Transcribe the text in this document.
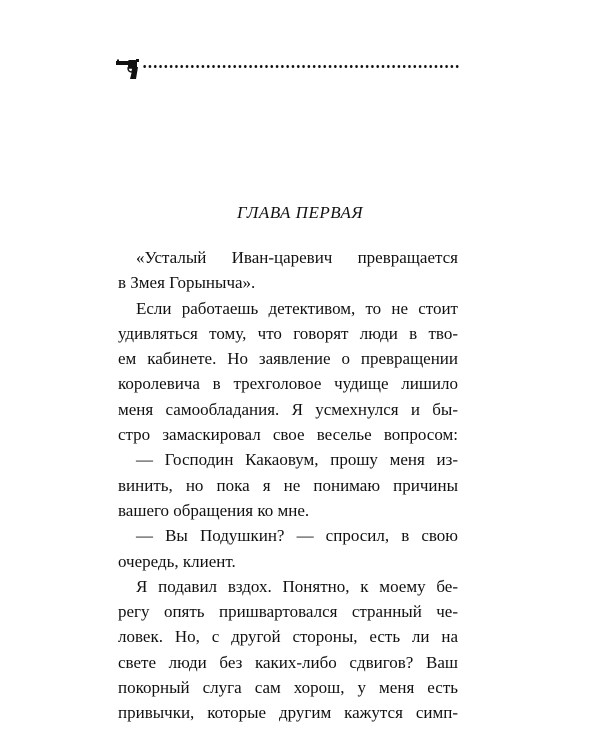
ГЛАВА ПЕРВАЯ
«Усталый Иван-царевич превращается
в Змея Горыныча».
Если работаешь детективом, то не стоит
удивляться тому, что говорят люди в тво-
ем кабинете. Но заявление о превращении
королевича в трехголовое чудище лишило
меня самообладания. Я усмехнулся и бы-
стро замаскировал свое веселье вопросом:
— Господин Какаовум, прошу меня из-
винить, но пока я не понимаю причины
вашего обращения ко мне.
— Вы Подушкин? — спросил, в свою
очередь, клиент.
Я подавил вздох. Понятно, к моему бе-
регу опять пришвартовался странный че-
ловек. Но, с другой стороны, есть ли на
свете люди без каких-либо сдвигов? Ваш
покорный слуга сам хорош, у меня есть
привычки, которые другим кажутся симп-
